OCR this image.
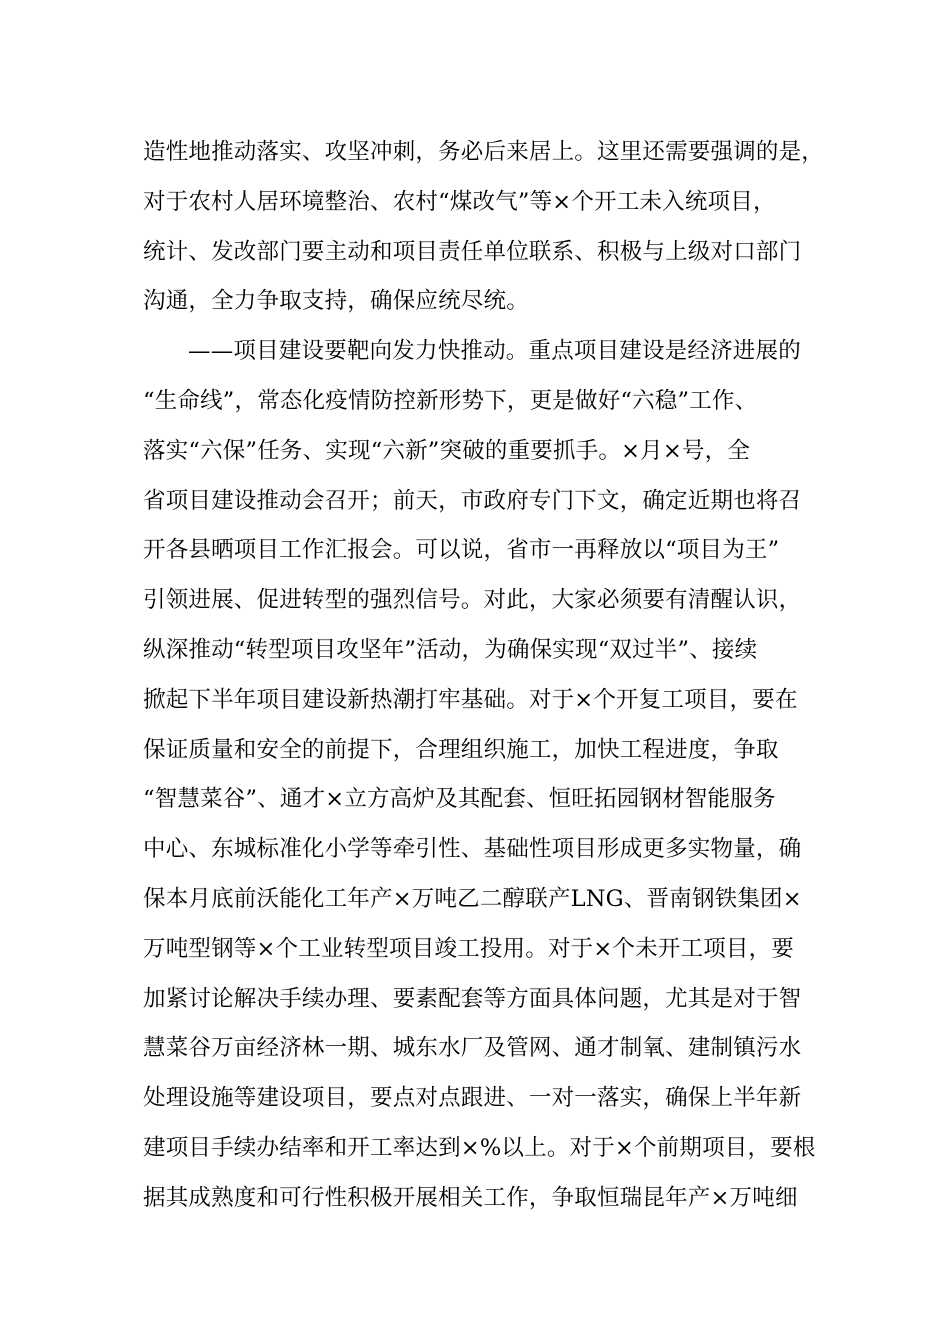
造性地推动落实、攻坚冲刺，务必后来居上。这里还需要强调的是，
对于农村人居环境整治、农村“煤改气”等×个开工未入统项目，
统计、发改部门要主动和项目责任单位联系、积极与上级对口部门
沟通，全力争取支持，确保应统尽统。
——项目建设要靶向发力快推动。重点项目建设是经济进展的
“生命线”，常态化疫情防控新形势下，更是做好“六稳”工作、
落实“六保”任务、实现“六新”突破的重要抓手。×月×号，全
省项目建设推动会召开；前天，市政府专门下文，确定近期也将召
开各县晒项目工作汇报会。可以说，省市一再释放以“项目为王”
引领进展、促进转型的强烈信号。对此，大家必须要有清醒认识，
纵深推动“转型项目攻坚年”活动，为确保实现“双过半”、接续
掀起下半年项目建设新热潮打牢基础。对于×个开复工项目，要在
保证质量和安全的前提下，合理组织施工，加快工程进度，争取
“智慧菜谷”、通才×立方高炉及其配套、恒旺拓园钢材智能服务
中心、东城标准化小学等牵引性、基础性项目形成更多实物量，确
保本月底前沃能化工年产×万吨乙二醇联产LNG、晋南钢铁集团×
万吨型钢等×个工业转型项目竣工投用。对于×个未开工项目，要
加紧讨论解决手续办理、要素配套等方面具体问题，尤其是对于智
慧菜谷万亩经济林一期、城东水厂及管网、通才制氧、建制镇污水
处理设施等建设项目，要点对点跟进、一对一落实，确保上半年新
建项目手续办结率和开工率达到×%以上。对于×个前期项目，要根
据其成熟度和可行性积极开展相关工作，争取恒瑞昆年产×万吨细
